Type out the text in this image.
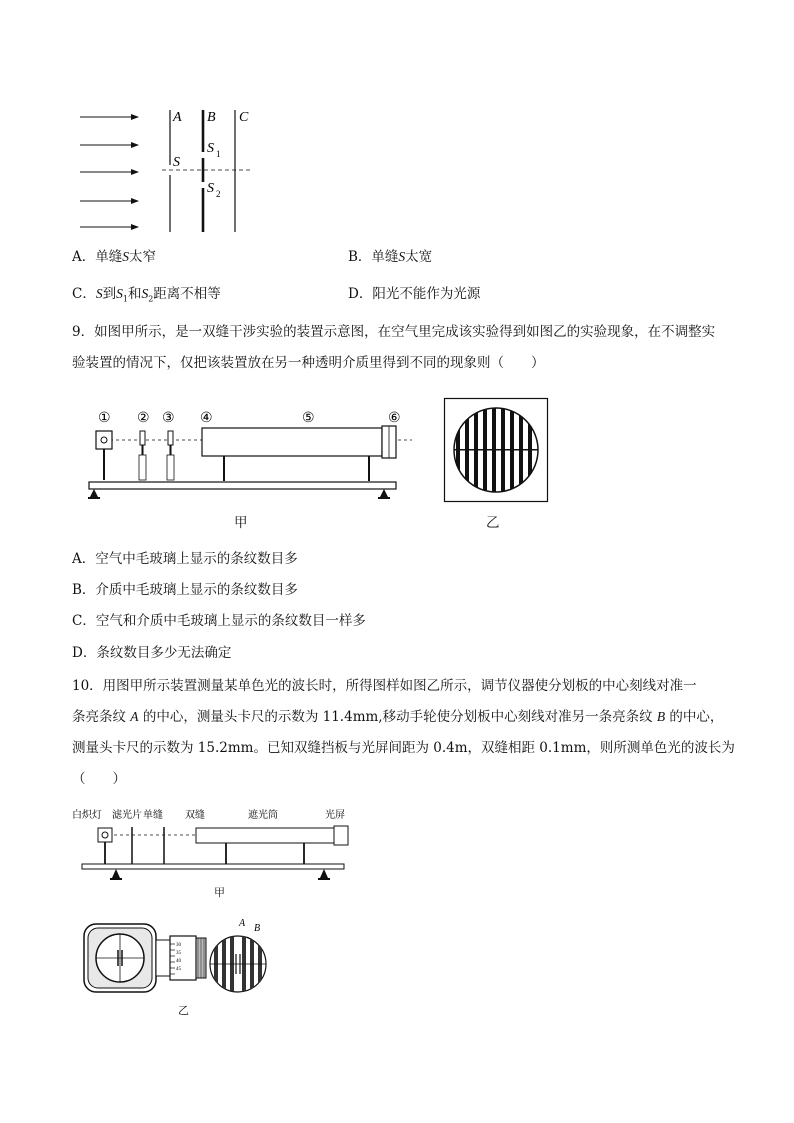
A B C
S
S 1
S 2
A．单缝S太窄	B．单缝S太宽
C．S到$S_1$和$S_2$距离不相等	D．阳光不能作为光源
9．如图甲所示，是一双缝干涉实验的装置示意图，在空气里完成该实验得到如图乙的实验现象，在不调整实验装置的情况下，仅把该装置放在另一种透明介质里得到不同的现象则（　　）
① ② ③ ④	⑤	⑥
甲	乙
A．空气中毛玻璃上显示的条纹数目多
B．介质中毛玻璃上显示的条纹数目多
C．空气和介质中毛玻璃上显示的条纹数目一样多
D．条纹数目多少无法确定
10．用图甲所示装置测量某单色光的波长时，所得图样如图乙所示，调节仪器使分划板的中心刻线对准一
条亮条纹 A 的中心，测量头卡尺的示数为 11.4mm,移动手轮使分划板中心刻线对准另一条亮条纹 B 的中心，
测量头卡尺的示数为 15.2mm。已知双缝挡板与光屏间距为 0.4m，双缝相距 0.1mm，则所测单色光的波长为
（　　）
白炽灯 滤光片 单缝 双缝	遮光筒	光屏
甲
30
35
40
45
A B
乙
